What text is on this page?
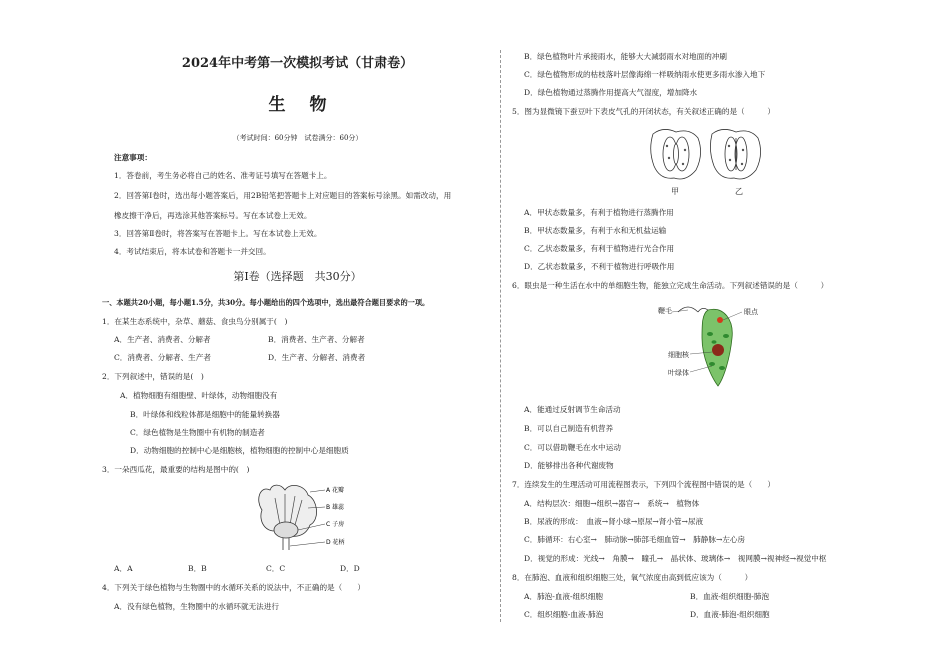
2024年中考第一次模拟考试（甘肃卷）
生物
（考试时间：60分钟　试卷满分：60分）
注意事项：
1．答卷前，考生务必将自己的姓名、准考证号填写在答题卡上。
2．回答第Ⅰ卷时，选出每小题答案后，用2B铅笔把答题卡上对应题目的答案标号涂黑。如需改动，用
橡皮擦干净后，再选涂其他答案标号。写在本试卷上无效。
3．回答第Ⅱ卷时，将答案写在答题卡上。写在本试卷上无效。
4．考试结束后，将本试卷和答题卡一并交回。
第Ⅰ卷（选择题　共30分）
一、本题共20小题，每小题1.5分，共30分。每小题给出的四个选项中，选出最符合题目要求的一项。
1．在某生态系统中，杂草、蘑菇、食虫鸟分别属于(　)
A．生产者、消费者、分解者	B．消费者、生产者、分解者
C．消费者、分解者、生产者	D．生产者、分解者、消费者
2．下列叙述中，错误的是(　)
A．植物细胞有细胞壁、叶绿体，动物细胞没有
B．叶绿体和线粒体都是细胞中的能量转换器
C．绿色植物是生物圈中有机物的制造者
D．动物细胞的控制中心是细胞核，植物细胞的控制中心是细胞质
3．一朵西瓜花，最重要的结构是图中的(　)
A 花瓣
B 雄蕊
C 子房
D 花柄
A．A	B．B	C．C	D．D
4．下列关于绿色植物与生物圈中的水循环关系的说法中，不正确的是（　　）
A．没有绿色植物，生物圈中的水循环就无法进行
B．绿色植物叶片承接雨水，能够大大减弱雨水对地面的冲刷
C．绿色植物形成的枯枝落叶层像海绵一样吸纳雨水使更多雨水渗入地下
D．绿色植物通过蒸腾作用提高大气湿度，增加降水
5．图为显微镜下蚕豆叶下表皮气孔的开闭状态，有关叙述正确的是（　　　）
甲	乙
A．甲状态数量多，有利于植物进行蒸腾作用
B．甲状态数量多，有利于水和无机盐运输
C．乙状态数量多，有利于植物进行光合作用
D．乙状态数量多，不利于植物进行呼吸作用
6．眼虫是一种生活在水中的单细胞生物，能独立完成生命活动。下列叙述错误的是（　　　）
鞭毛	眼点
细胞核
叶绿体
A．能通过反射调节生命活动
B．可以自己制造有机营养
C．可以借助鞭毛在水中运动
D．能够排出各种代谢废物
7．连续发生的生理活动可用流程图表示，下列四个流程图中错误的是（　　）
A．结构层次：细胞→组织→器官→　系统→　植物体
B．尿液的形成：　血液→肾小球→原尿→肾小管→尿液
C．肺循环：右心室→　肺动脉→肺部毛细血管→　肺静脉→左心房
D．视觉的形成：光线→　角膜→　瞳孔→　晶状体、玻璃体→　视网膜→视神经→视觉中枢
8．在肺泡、血液和组织细胞三处，氧气浓度由高到低应该为（　　　）
A．肺泡-血液-组织细胞	B．血液-组织细胞-肺泡
C．组织细胞-血液-肺泡	D．血液-肺泡-组织细胞
